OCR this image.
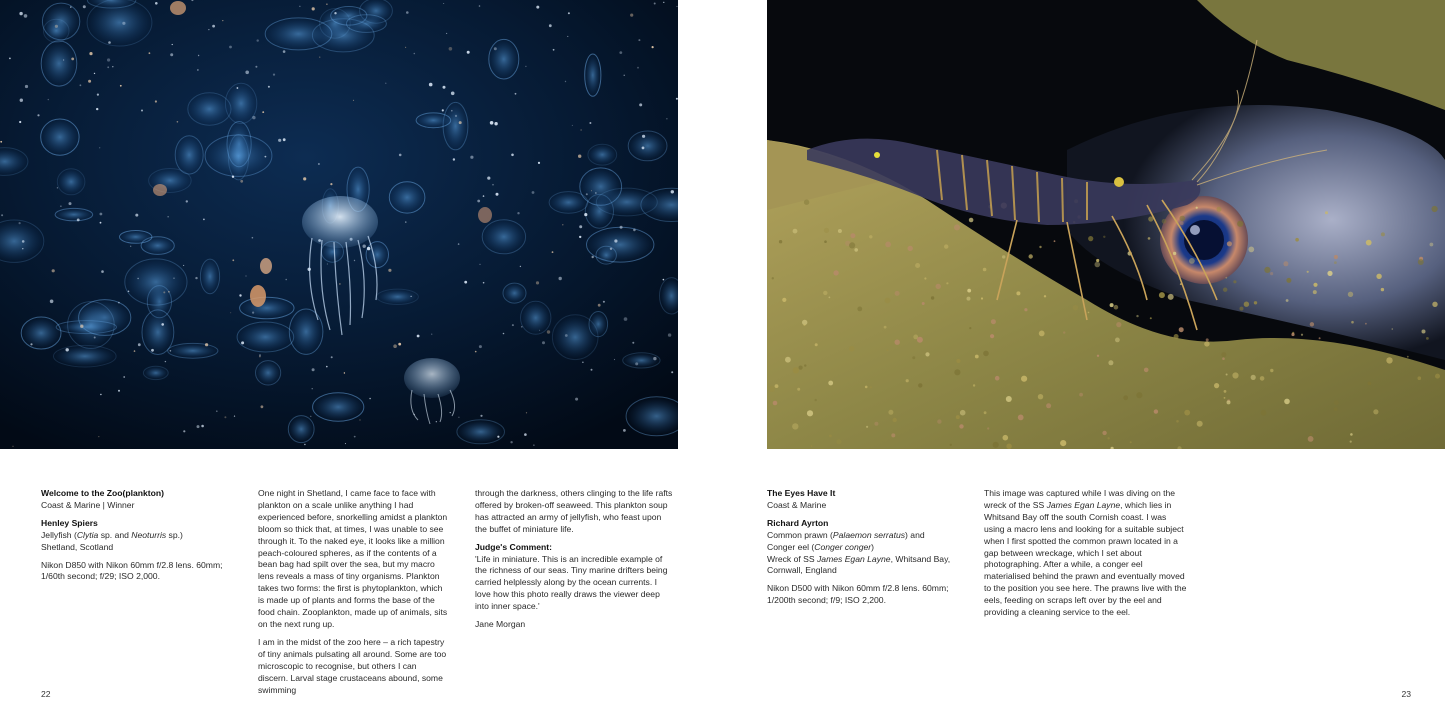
Welcome to the Zoo(plankton)
Coast & Marine | Winner
Henley Spiers
Jellyfish (Clytia sp. and Neoturris sp.)
Shetland, Scotland

Nikon D850 with Nikon 60mm f/2.8 lens. 60mm; 1/60th second; f/29; ISO 2,000.

One night in Shetland, I came face to face with plankton on a scale unlike anything I had experienced before, snorkelling amidst a plankton bloom so thick that, at times, I was unable to see through it. To the naked eye, it looks like a million peach-coloured spheres, as if the contents of a bean bag had spilt over the sea, but my macro lens reveals a mass of tiny organisms. Plankton takes two forms: the first is phytoplankton, which is made up of plants and forms the base of the food chain. Zooplankton, made up of animals, sits on the next rung up.

I am in the midst of the zoo here – a rich tapestry of tiny animals pulsating all around. Some are too microscopic to recognise, but others I can discern. Larval stage crustaceans abound, some swimming

through the darkness, others clinging to the life rafts offered by broken-off seaweed. This plankton soup has attracted an army of jellyfish, who feast upon the buffet of miniature life.

Judge's Comment:

'Life in miniature. This is an incredible example of the richness of our seas. Tiny marine drifters being carried helplessly along by the ocean currents. I love how this photo really draws the viewer deep into inner space.'

Jane Morgan

22
The Eyes Have It
Coast & Marine
Richard Ayrton
Common prawn (Palaemon serratus) and
Conger eel (Conger conger)
Wreck of SS James Egan Layne, Whitsand Bay,
Cornwall, England

Nikon D500 with Nikon 60mm f/2.8 lens. 60mm; 1/200th second; f/9; ISO 2,200.

This image was captured while I was diving on the wreck of the SS James Egan Layne, which lies in Whitsand Bay off the south Cornish coast. I was using a macro lens and looking for a suitable subject when I first spotted the common prawn located in a gap between wreckage, which I set about photographing. After a while, a conger eel materialised behind the prawn and eventually moved to the position you see here. The prawns live with the eels, feeding on scraps left over by the eel and providing a cleaning service to the eel.

23
